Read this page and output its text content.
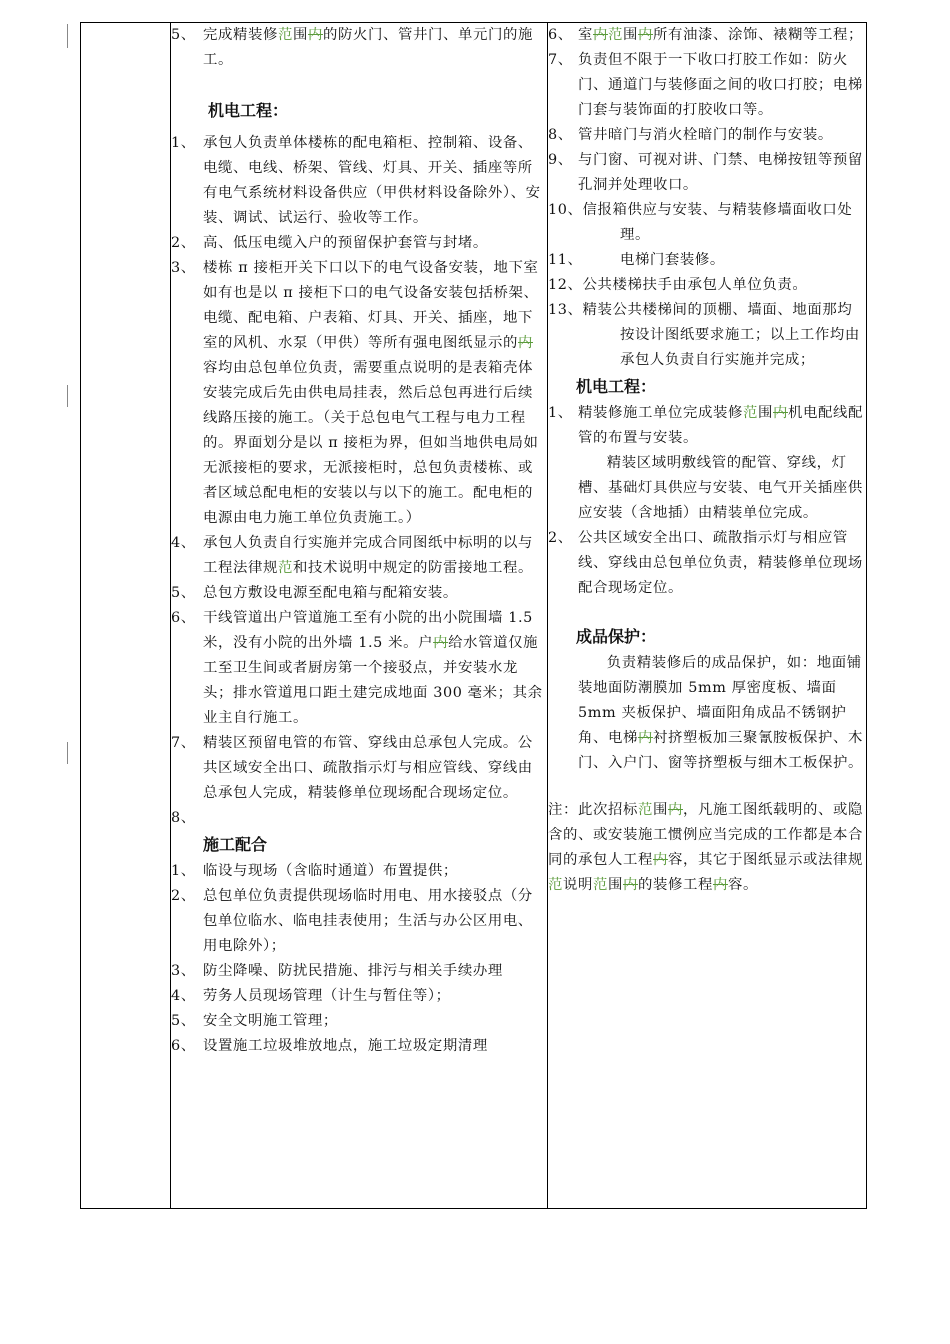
5、 完成精装修范围内的防火门、管井门、单元门的施工。

机电工程：

1、 承包人负责单体楼栋的配电箱柜、控制箱、设备、电缆、电线、桥架、管线、灯具、开关、插座等所有电气系统材料设备供应（甲供材料设备除外）、安装、调试、试运行、验收等工作。
2、 高、低压电缆入户的预留保护套管与封堵。
3、 楼栋 π 接柜开关下口以下的电气设备安装，地下室如有也是以 π 接柜下口的电气设备安装包括桥架、电缆、配电箱、户表箱、灯具、开关、插座，地下室的风机、水泵（甲供）等所有强电图纸显示的内容均由总包单位负责，需要重点说明的是表箱壳体安装完成后先由供电局挂表，然后总包再进行后续线路压接的施工。（关于总包电气工程与电力工程的。界面划分是以 π 接柜为界，但如当地供电局如无派接柜的要求，无派接柜时，总包负责楼栋、或者区域总配电柜的安装以与以下的施工。配电柜的电源由电力施工单位负责施工。）
4、 承包人负责自行实施并完成合同图纸中标明的以与工程法律规范和技术说明中规定的防雷接地工程。
5、 总包方敷设电源至配电箱与配箱安装。
6、 干线管道出户管道施工至有小院的出小院围墙 1.5 米，没有小院的出外墙 1.5 米。户内给水管道仅施工至卫生间或者厨房第一个接驳点，并安装水龙头；排水管道甩口距土建完成地面 300 毫米；其余业主自行施工。
7、 精装区预留电管的布管、穿线由总承包人完成。公共区域安全出口、疏散指示灯与相应管线、穿线由总承包人完成，精装修单位现场配合现场定位。
8、

施工配合

1、 临设与现场（含临时通道）布置提供；
2、 总包单位负责提供现场临时用电、用水接驳点（分包单位临水、临电挂表使用；生活与办公区用电、用电除外）；
3、 防尘降噪、防扰民措施、排污与相关手续办理
4、 劳务人员现场管理（计生与暂住等）；
5、 安全文明施工管理；
6、 设置施工垃圾堆放地点，施工垃圾定期清理

6、 室内范围内所有油漆、涂饰、裱糊等工程；
7、 负责但不限于一下收口打胶工作如：防火门、通道门与装修面之间的收口打胶；电梯门套与装饰面的打胶收口等。
8、 管井暗门与消火栓暗门的制作与安装。
9、 与门窗、可视对讲、门禁、电梯按钮等预留孔洞并处理收口。
10、 信报箱供应与安装、与精装修墙面收口处理。
11、	电梯门套装修。
12、 公共楼梯扶手由承包人单位负责。
13、 精装公共楼梯间的顶棚、墙面、地面那均按设计图纸要求施工；以上工作均由承包人负责自行实施并完成；

机电工程：

1、 精装修施工单位完成装修范围内机电配线配管的布置与安装。

精装区域明敷线管的配管、穿线，灯槽、基础灯具供应与安装、电气开关插座供应安装（含地插）由精装单位完成。

2、 公共区域安全出口、疏散指示灯与相应管线、穿线由总包单位负责，精装修单位现场配合现场定位。

成品保护：

负责精装修后的成品保护，如：地面铺装地面防潮膜加 5mm 厚密度板、墙面 5mm 夹板保护、墙面阳角成品不锈钢护角、电梯内衬挤塑板加三聚氰胺板保护、木门、入户门、窗等挤塑板与细木工板保护。

注：此次招标范围内，凡施工图纸载明的、或隐含的、或安装施工惯例应当完成的工作都是本合同的承包人工程内容，其它于图纸显示或法律规范说明范围内的装修工程内容。
